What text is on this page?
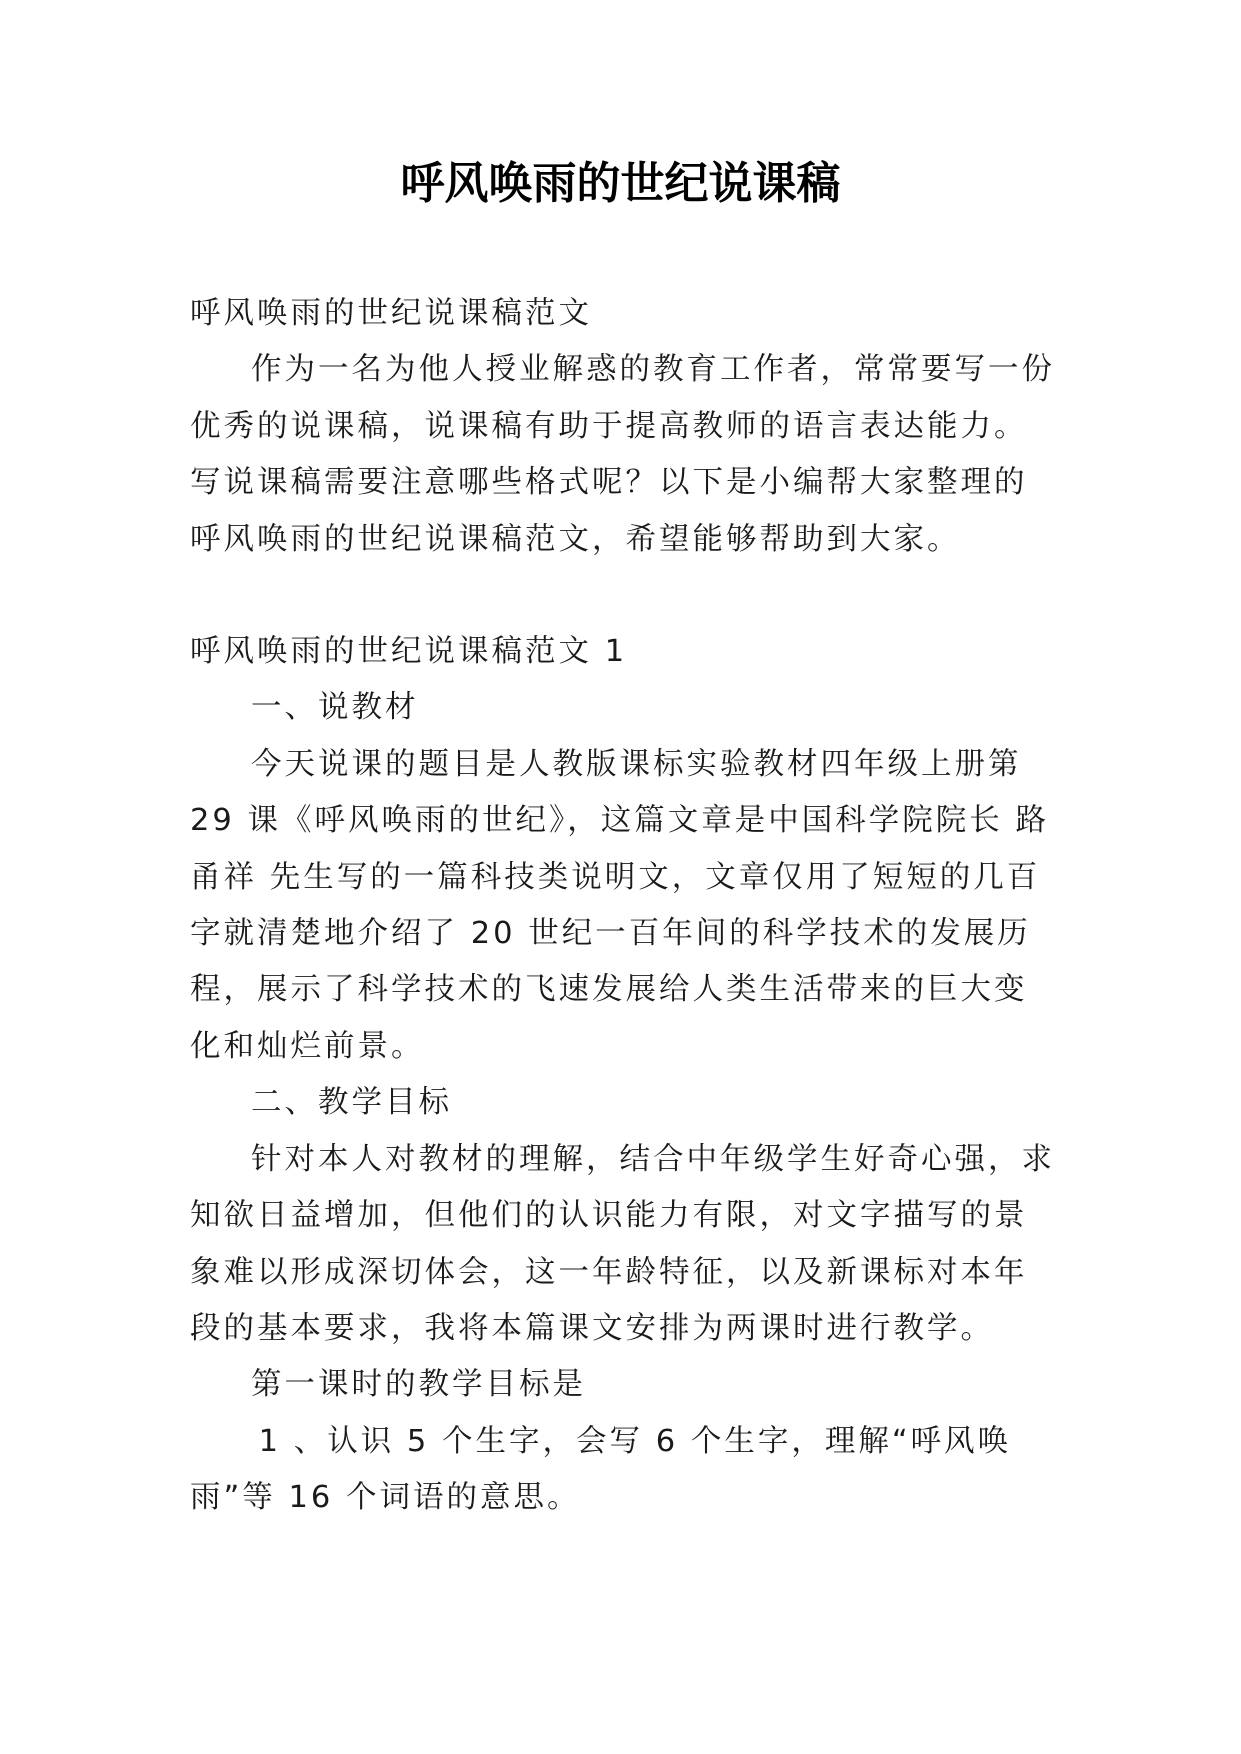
呼风唤雨的世纪说课稿

呼风唤雨的世纪说课稿范文

作为一名为他人授业解惑的教育工作者，常常要写一份优秀的说课稿，说课稿有助于提高教师的语言表达能力。写说课稿需要注意哪些格式呢？以下是小编帮大家整理的呼风唤雨的世纪说课稿范文，希望能够帮助到大家。

呼风唤雨的世纪说课稿范文 1

一、说教材

今天说课的题目是人教版课标实验教材四年级上册第 29 课《呼风唤雨的世纪》，这篇文章是中国科学院院长 路甬祥 先生写的一篇科技类说明文，文章仅用了短短的几百字就清楚地介绍了 20 世纪一百年间的科学技术的发展历程，展示了科学技术的飞速发展给人类生活带来的巨大变化和灿烂前景。

二、教学目标

针对本人对教材的理解，结合中年级学生好奇心强，求知欲日益增加，但他们的认识能力有限，对文字描写的景象难以形成深切体会，这一年龄特征，以及新课标对本年段的基本要求，我将本篇课文安排为两课时进行教学。

第一课时的教学目标是

1 、认识 5 个生字，会写 6 个生字，理解“呼风唤雨”等 16 个词语的意思。
